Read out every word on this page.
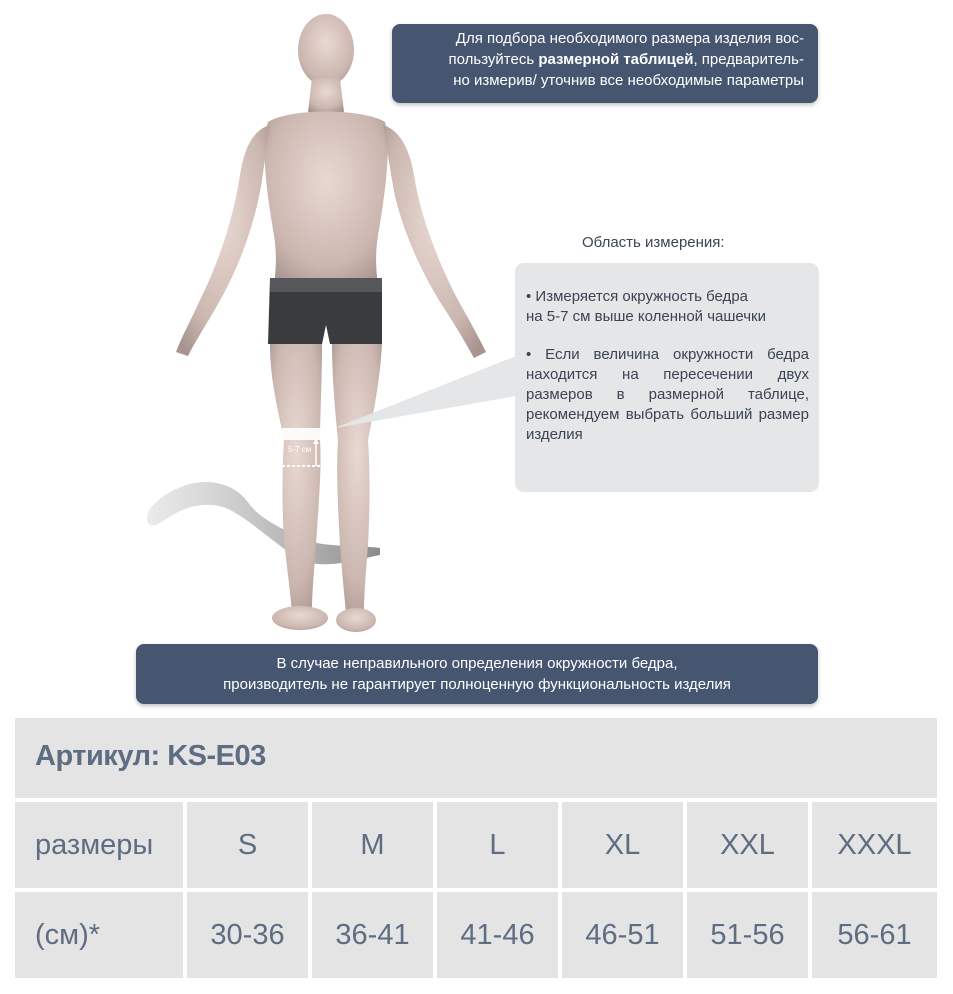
5-7 см
Для подбора необходимого размера изделия вос-
пользуйтесь размерной таблицей, предваритель-
но измерив/ уточнив все необходимые параметры
Область измерения:

• Измеряется окружность бедра
на 5-7 см выше коленной чашечки

• Если величина окружности бедра находится на пересечении двух размеров в размерной таблице, рекомендуем выбрать больший размер изделия

В случае неправильного определения окружности бедра,
производитель не гарантирует полноценную функциональность изделия
Артикул: KS-E03
размеры	S	M	L	XL	XXL	XXXL
(см)*	30-36	36-41	41-46	46-51	51-56	56-61
